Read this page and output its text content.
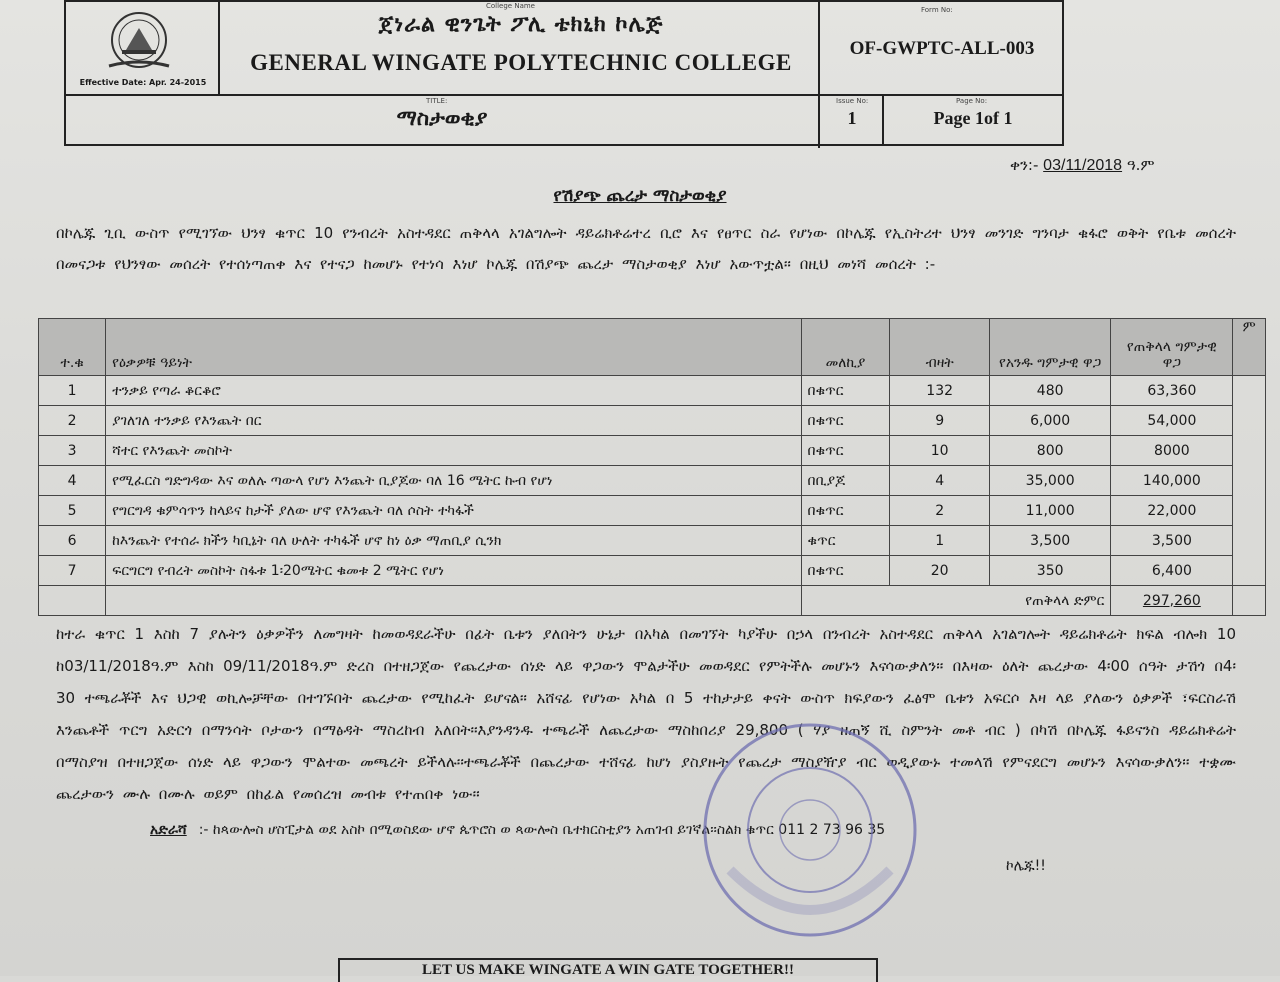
Effective Date: Apr. 24-2015
College Name
ጀነራል ዊንጌት ፖሊ ቴክኒክ ኮሌጅ
GENERAL WINGATE POLYTECHNIC COLLEGE
Form No:
OF-GWPTC-ALL-003
TITLE:
ማስታወቂያ
Issue No:
1
Page No:
Page 1of 1
ቀን:- 03/11/2018 ዓ.ም
የሽያጭ ጨረታ ማስታወቂያ
በኮሌጁ ጊቢ ውስጥ የሚገኘው ህንፃ ቁጥር 10 የንብረት አስተዳደር ጠቅላላ አገልግሎት ዳይሬክቶሬተረ ቢሮ እና የፀጥር ስራ የሆነው በኮሌጁ የኢስትሪተ ህንፃ መንገድ ግንባታ ቁፋሮ ወቅት የቤቱ መሰረት በመናጋቱ የህንፃው መሰረት የተሰነጣጠቀ እና የተናጋ ከመሆኑ የተነሳ እነሆ ኮሌጁ በሽያጭ ጨረታ ማስታወቂያ እነሆ አውጥቷል፡፡ በዚህ መነሻ መሰረት :-
ተ.ቁ	የዕቃዎቹ ዓይነት	መለኪያ	ብዛት	የአንዱ ግምታዊ ዋጋ	የጠቅላላ ግምታዊ ዋጋ	ም
1	ተንቃይ የጣራ ቆርቆሮ	በቁጥር	132	480	63,360	
2	ያገለገለ ተንቃይ የእንጨት በር	በቁጥር	9	6,000	54,000	
3	ሻተር የእንጨት መስኮት	በቁጥር	10	800	8000	
4	የሚፈርስ ግድግዳው እና ወለሉ ጣውላ የሆነ እንጨት ቢያጆው ባለ 16 ሜትር ኩብ የሆነ	በቢያጆ	4	35,000	140,000	
5	የግርግዳ ቁምሳጥን ከላይና ከታች ያለው ሆኖ የእንጨት ባለ ሶስት ተካፋች	በቁጥር	2	11,000	22,000	
6	ከእንጨት የተሰራ ክችን ካቢኔት ባለ ሁለት ተካፋች ሆኖ ከነ ዕቃ ማጠቢያ ሲንክ	ቁጥር	1	3,500	3,500	
7	ፍርግርግ የብረት መስኮት ስፋቱ 1፡20ሜትር ቁመቱ 2 ሜትር የሆነ	በቁጥር	20	350	6,400	
		የጠቅላላ ድምር			297,260	
ከተራ ቁጥር 1 እስከ 7 ያሉትን ዕቃዎችን ለመግዛት ከመወዳደራችሁ በፊት ቤቱን ያለበትን ሁኔታ በአካል በመገኘት ካያችሁ በኃላ በንብረት አስተዳደር ጠቅላላ አገልግሎት ዳይሬክቶሬት ክፍል ብሎክ 10 ከ03/11/2018ዓ.ም እስከ 09/11/2018ዓ.ም ድረስ በተዘጋጀው የጨረታው ሰነድ ላይ ዋጋውን ሞልታችሁ መወዳደር የምትችሉ መሆኑን እናሳውቃለን፡፡ በእዛው ዕለት ጨረታው 4፡00 ሰዓት ታሽጎ በ4፡30 ተጫራቾች እና ህጋዊ ወኪሎቻቸው በተገኙበት ጨረታው የሚከፈት ይሆናል፡፡ አሸናፊ የሆነው አካል በ 5 ተከታታይ ቀናት ውስጥ ክፍያውን ፈፅሞ ቤቱን አፍርሶ እዛ ላይ ያለውን ዕቃዎች ፣ፍርስራሽ እንጨቶች ጥርግ አድርጎ በማንሳት ቦታውን በማፅዳት ማስረከብ አለበት፡፡እያንዳንዱ ተጫራች ለጨረታው ማስከበሪያ 29,800 ( ሃያ ዘጠኝ ሺ ስምንት መቶ ብር ) በካሽ በኮሌጁ ፋይናንስ ዳይሬክቶሬት በማስያዝ በተዘጋጀው ሰነድ ላይ ዋጋውን ሞልተው መጫረት ይችላሉ፡፡ተጫራቾች በጨረታው ተሸናፊ ከሆነ ያስያዙት የጨረታ ማስያዥያ ብር ወዲያውኑ ተመላሽ የምናደርግ መሆኑን እናሳውቃለን፡፡ ተቋሙ ጨረታውን ሙሉ በሙሉ ወይም በከፊል የመሰረዝ መብቱ የተጠበቀ ነው፡፡
አድራሻ :- ከጳውሎስ ሆስፒታል ወደ አስኮ በሚወስደው ሆኖ ጴጥሮስ ወ ጳውሎስ ቤተክርስቲያን አጠገብ ይገኛል፡፡ስልክ ቁጥር 011 2 73 96 35
ኮሌጁ!!
LET US MAKE WINGATE A WIN GATE TOGETHER!!
